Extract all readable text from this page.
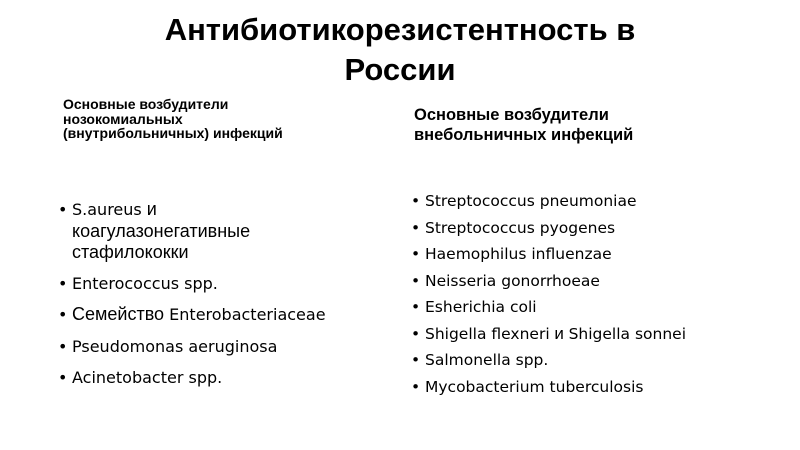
Антибиотикорезистентность в
России
Основные возбудители
нозокомиальных
(внутрибольничных) инфекций
Основные возбудители
внебольничных инфекций
• S.aureus и
коагулазонегативные
стафилококки
• Enterococcus spp.
• Семейство Enterobacteriaceae
• Pseudomonas aeruginosa
• Acinetobacter spp.
• Streptococcus pneumoniae
• Streptococcus pyogenes
• Haemophilus influenzae
• Neisseria gonorrhoeae
• Esherichia coli
• Shigella flexneri и Shigella sonnei
• Salmonella spp.
• Mycobacterium tuberculosis
